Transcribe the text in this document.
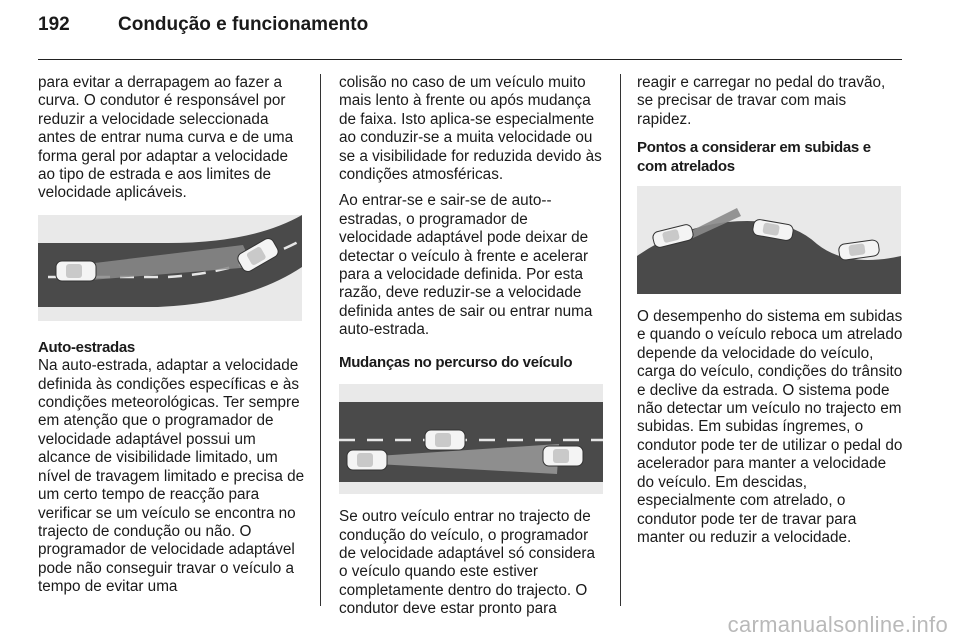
192	Condução e funcionamento

para evitar a derrapagem ao fazer a curva. O condutor é responsável por reduzir a velocidade seleccionada antes de entrar numa curva e de uma forma geral por adaptar a velocidade ao tipo de estrada e aos limites de velocidade aplicáveis.

Auto-estradas

Na auto-estrada, adaptar a velocidade definida às condições específicas e às condições meteorológicas. Ter sempre em atenção que o programador de velocidade adaptável possui um alcance de visibilidade limitado, um nível de travagem limitado e precisa de um certo tempo de reacção para verificar se um veículo se encontra no trajecto de condução ou não. O programador de velocidade adaptável pode não conseguir travar o veículo a tempo de evitar uma

colisão no caso de um veículo muito mais lento à frente ou após mudança de faixa. Isto aplica-se especialmente ao conduzir-se a muita velocidade ou se a visibilidade for reduzida devido às condições atmosféricas.

Ao entrar-se e sair-se de auto--estradas, o programador de velocidade adaptável pode deixar de detectar o veículo à frente e acelerar para a velocidade definida. Por esta razão, deve reduzir-se a velocidade definida antes de sair ou entrar numa auto-estrada.

Mudanças no percurso do veículo

Se outro veículo entrar no trajecto de condução do veículo, o programador de velocidade adaptável só considera o veículo quando este estiver completamente dentro do trajecto. O condutor deve estar pronto para

reagir e carregar no pedal do travão, se precisar de travar com mais rapidez.

Pontos a considerar em subidas e com atrelados

O desempenho do sistema em subidas e quando o veículo reboca um atrelado depende da velocidade do veículo, carga do veículo, condições do trânsito e declive da estrada. O sistema pode não detectar um veículo no trajecto em subidas. Em subidas íngremes, o condutor pode ter de utilizar o pedal do acelerador para manter a velocidade do veículo. Em descidas, especialmente com atrelado, o condutor pode ter de travar para manter ou reduzir a velocidade.

carmanualsonline.info
